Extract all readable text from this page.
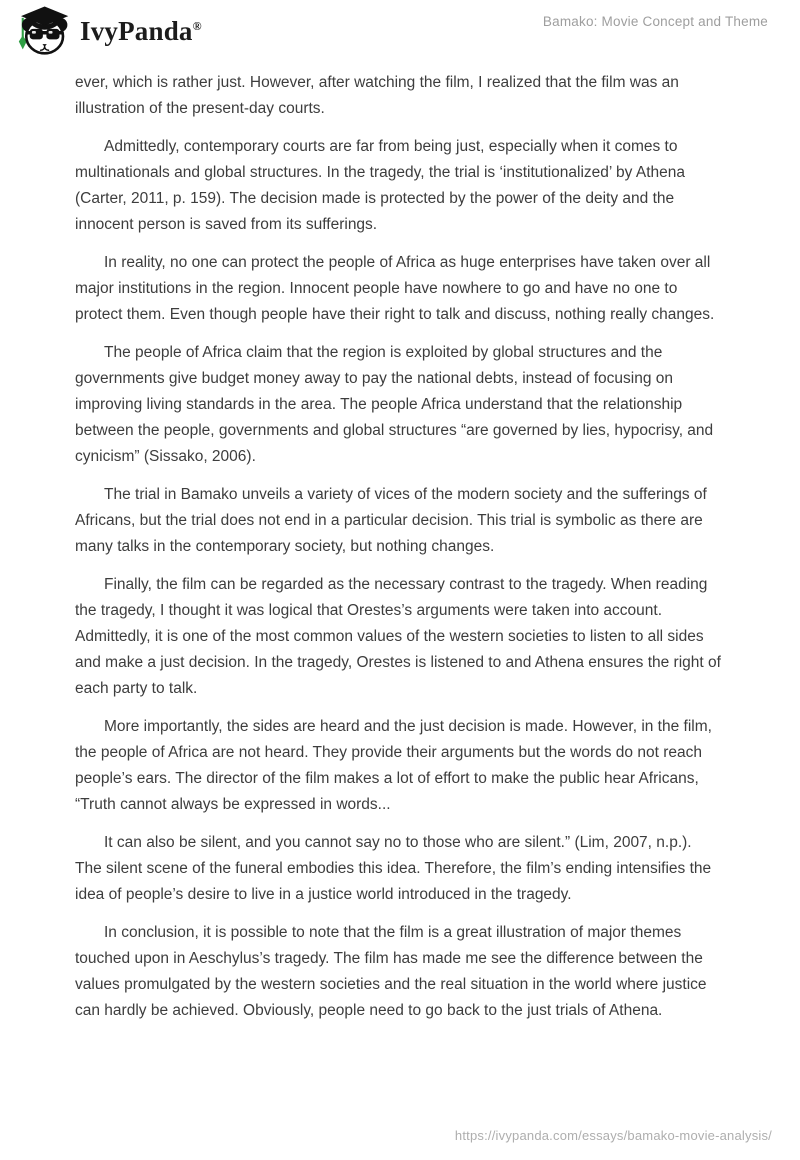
IvyPanda®	Bamako: Movie Concept and Theme

ever, which is rather just. However, after watching the film, I realized that the film was an illustration of the present-day courts.

Admittedly, contemporary courts are far from being just, especially when it comes to multinationals and global structures. In the tragedy, the trial is ‘institutionalized’ by Athena (Carter, 2011, p. 159). The decision made is protected by the power of the deity and the innocent person is saved from its sufferings.

In reality, no one can protect the people of Africa as huge enterprises have taken over all major institutions in the region. Innocent people have nowhere to go and have no one to protect them. Even though people have their right to talk and discuss, nothing really changes.

The people of Africa claim that the region is exploited by global structures and the governments give budget money away to pay the national debts, instead of focusing on improving living standards in the area. The people Africa understand that the relationship between the people, governments and global structures “are governed by lies, hypocrisy, and cynicism” (Sissako, 2006).

The trial in Bamako unveils a variety of vices of the modern society and the sufferings of Africans, but the trial does not end in a particular decision. This trial is symbolic as there are many talks in the contemporary society, but nothing changes.

Finally, the film can be regarded as the necessary contrast to the tragedy. When reading the tragedy, I thought it was logical that Orestes’s arguments were taken into account. Admittedly, it is one of the most common values of the western societies to listen to all sides and make a just decision. In the tragedy, Orestes is listened to and Athena ensures the right of each party to talk.

More importantly, the sides are heard and the just decision is made. However, in the film, the people of Africa are not heard. They provide their arguments but the words do not reach people’s ears. The director of the film makes a lot of effort to make the public hear Africans, “Truth cannot always be expressed in words...

It can also be silent, and you cannot say no to those who are silent.” (Lim, 2007, n.p.). The silent scene of the funeral embodies this idea. Therefore, the film’s ending intensifies the idea of people’s desire to live in a justice world introduced in the tragedy.

In conclusion, it is possible to note that the film is a great illustration of major themes touched upon in Aeschylus’s tragedy. The film has made me see the difference between the values promulgated by the western societies and the real situation in the world where justice can hardly be achieved. Obviously, people need to go back to the just trials of Athena.

https://ivypanda.com/essays/bamako-movie-analysis/
